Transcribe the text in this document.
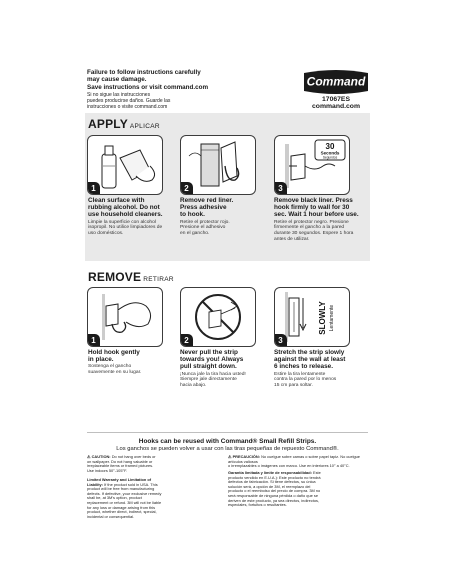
Failure to follow instructions carefully
may cause damage.
Save instructions or visit command.com
Si no sigue las instrucciones
puedes producirse daños. Guarde las
instrucciones o visite command.com
Command
17067ES
command.com
APPLY APLICAR
1
Clean surface with
rubbing alcohol. Do not
use household cleaners.
Limpie la superficie con alcohol
isopropil. No utilice limpiadores de
uso domésticos.
2
Remove red liner.
Press adhesive
to hook.
Retire el protector rojo.
Presione el adhesivo
en el gancho.
30
Seconds
Segundos
3
Remove black liner. Press
hook firmly to wall for 30
sec. Wait 1 hour before use.
Retire el protector negro. Presione
firmemente el gancho a la pared
durante 30 segundos. Espere 1 hora
antes de utilizar.
REMOVE RETIRAR
1
Hold hook gently
in place.
Sostenga el gancho
suavemente en su lugar.
2
Never pull the strip
towards you! Always
pull straight down.
¡Nunca jale la tira hacia usted!
Siempre jale directamente
hacia abajo.
SLOWLY Lentamente
3
Stretch the strip slowly
against the wall at least
6 inches to release.
Estire la tira lentamente
contra la pared por lo menos
15 cm para soltar.
Hooks can be reused with Command® Small Refill Strips.
Los ganchos se pueden volver a usar con las tiras pequeñas de repuesto Command®.
⚠ CAUTION: Do not hang over beds or
on wallpaper. Do not hang valuable or
irreplaceable items or framed pictures.
Use indoors 50°-105°F.
Limited Warranty and Limitation of
Liability: If the product sold in USA. This
product will be free from manufacturing
defects. If defective, your exclusive remedy
shall be, at 3M's option, product
replacement or refund. 3M will not be liable
for any loss or damage arising from this
product, whether direct, indirect, special,
incidental or consequential.
⚠ PRECAUCIÓN: No cuelgue sobre camas o sobre papel tapiz. No cuelgue artículos valiosos
o irremplazables o imágenes con marco. Use en interiores 10° a 40°C.
Garantía limitada y límite de responsabilidad: Este
producto vendido en E.U.A.): Este producto no tendrá
defectos de fabricación. Si tiene defectos, su única
solución será, a opción de 3M, el reemplazo del
producto o el reembolso del precio de compra. 3M no
será responsable de ninguna pérdida o daño que se
deriven de este producto, ya sea directos, indirectos,
especiales, fortuitos o resultantes.
